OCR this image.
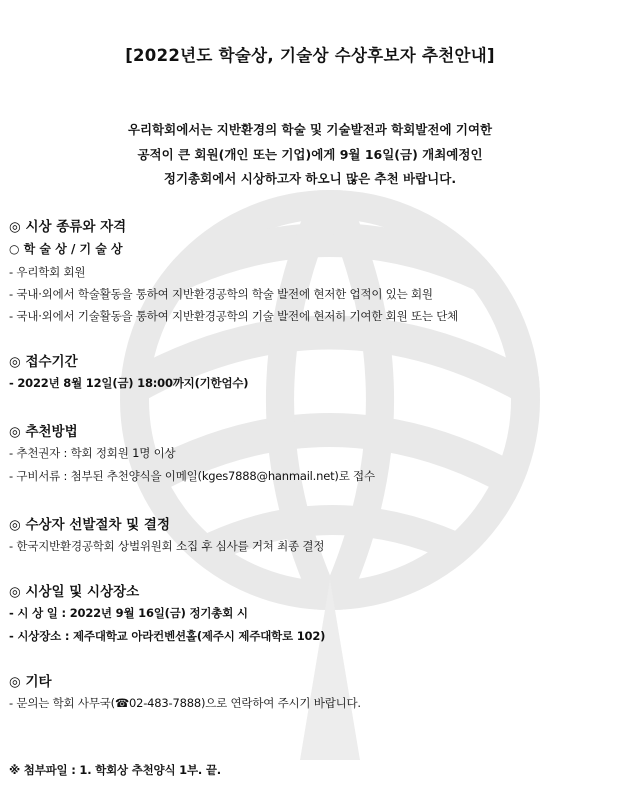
[2022년도 학술상, 기술상 수상후보자 추천안내]
우리학회에서는 지반환경의 학술 및 기술발전과 학회발전에 기여한
공적이 큰 회원(개인 또는 기업)에게 9월 16일(금) 개최예정인
정기총회에서 시상하고자 하오니 많은 추천 바랍니다.
◎ 시상 종류와 자격
○ 학 술 상 / 기 술 상
- 우리학회 회원
- 국내·외에서 학술활동을 통하여 지반환경공학의 학술 발전에 현저한 업적이 있는 회원
- 국내·외에서 기술활동을 통하여 지반환경공학의 기술 발전에 현저히 기여한 회원 또는 단체
◎ 접수기간
- 2022년 8월 12일(금) 18:00까지(기한엄수)
◎ 추천방법
- 추천권자 : 학회 정회원 1명 이상
- 구비서류 : 첨부된 추천양식을 이메일(kges7888@hanmail.net)로 접수
◎ 수상자 선발절차 및 결정
- 한국지반환경공학회 상벌위원회 소집 후 심사를 거쳐 최종 결정
◎ 시상일 및 시상장소
- 시 상 일 : 2022년 9월 16일(금) 정기총회 시
- 시상장소 : 제주대학교 아라컨벤션홀(제주시 제주대학로 102)
◎ 기타
- 문의는 학회 사무국(☎02-483-7888)으로 연락하여 주시기 바랍니다.
※ 첨부파일 : 1. 학회상 추천양식 1부. 끝.
